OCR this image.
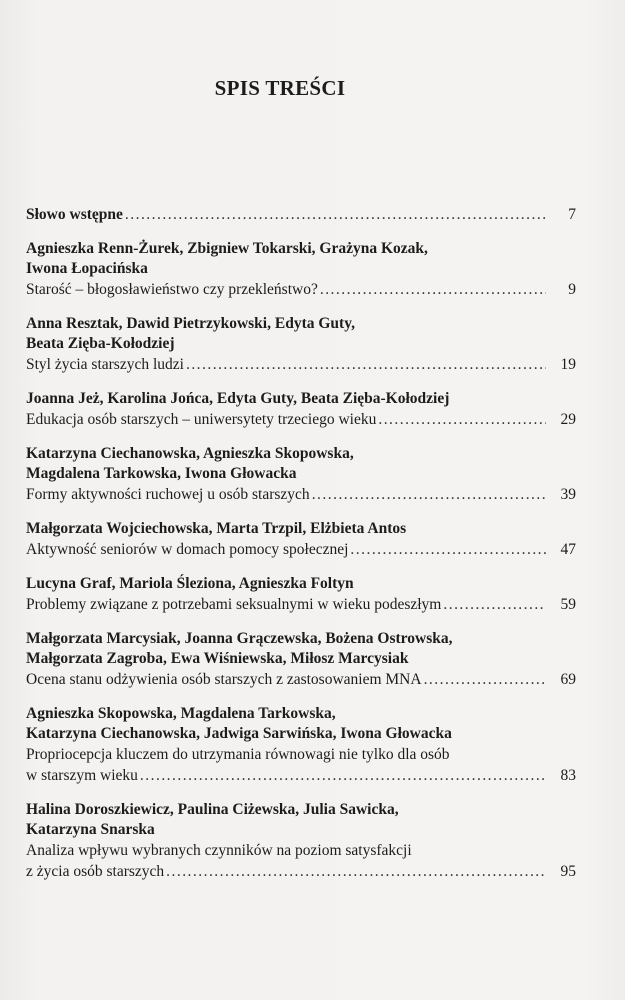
SPIS TREŚCI
Słowo wstępne . . .	7
Agnieszka Renn-Żurek, Zbigniew Tokarski, Grażyna Kozak,
Iwona Łopacińska
Starość – błogosławieństwo czy przekleństwo? . . .	9
Anna Resztak, Dawid Pietrzykowski, Edyta Guty,
Beata Zięba-Kołodziej
Styl życia starszych ludzi . . .	19
Joanna Jeż, Karolina Jońca, Edyta Guty, Beata Zięba-Kołodziej
Edukacja osób starszych – uniwersytety trzeciego wieku . . .	29
Katarzyna Ciechanowska, Agnieszka Skopowska,
Magdalena Tarkowska, Iwona Głowacka
Formy aktywności ruchowej u osób starszych . . .	39
Małgorzata Wojciechowska, Marta Trzpil, Elżbieta Antos
Aktywność seniorów w domach pomocy społecznej . . .	47
Lucyna Graf, Mariola Śleziona, Agnieszka Foltyn
Problemy związane z potrzebami seksualnymi w wieku podeszłym . . .	59
Małgorzata Marcysiak, Joanna Grączewska, Bożena Ostrowska,
Małgorzata Zagroba, Ewa Wiśniewska, Miłosz Marcysiak
Ocena stanu odżywienia osób starszych z zastosowaniem MNA . . .	69
Agnieszka Skopowska, Magdalena Tarkowska,
Katarzyna Ciechanowska, Jadwiga Sarwińska, Iwona Głowacka
Propriocepcja kluczem do utrzymania równowagi nie tylko dla osób
w starszym wieku . . .	83
Halina Doroszkiewicz, Paulina Ciżewska, Julia Sawicka,
Katarzyna Snarska
Analiza wpływu wybranych czynników na poziom satysfakcji
z życia osób starszych . . .	95
